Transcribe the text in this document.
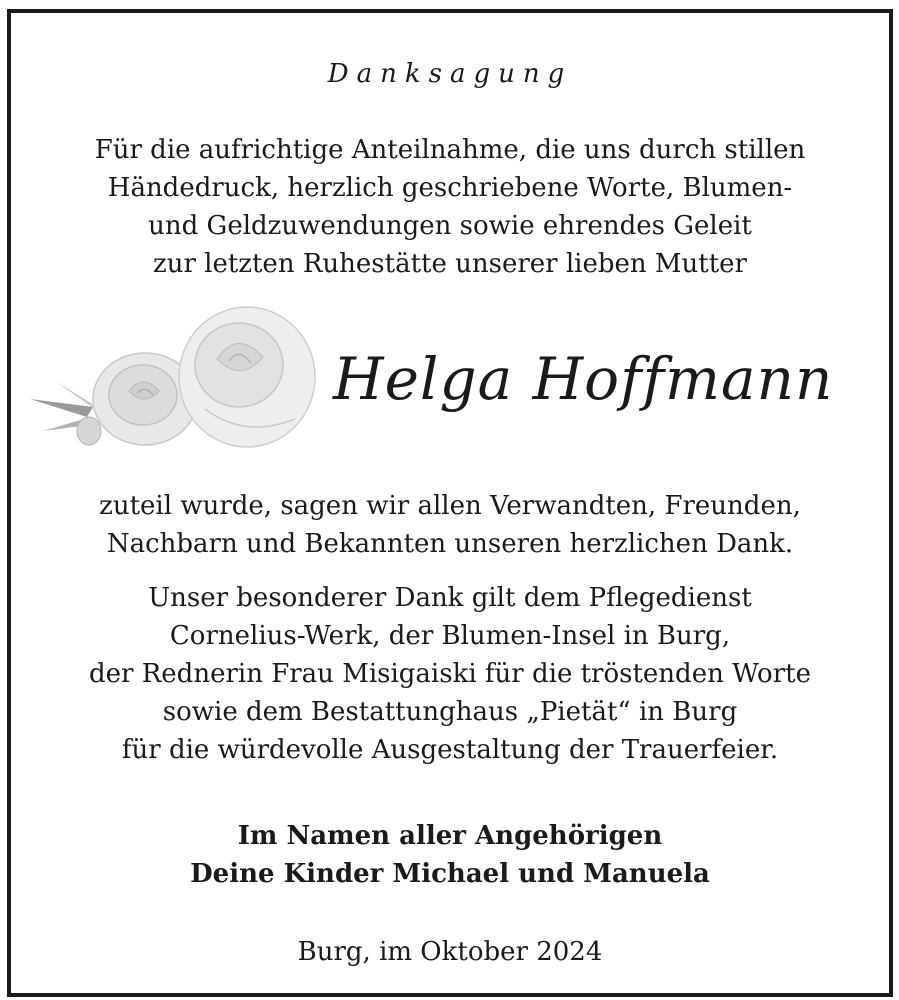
Danksagung
Für die aufrichtige Anteilnahme, die uns durch stillen
Händedruck, herzlich geschriebene Worte, Blumen-
und Geldzuwendungen sowie ehrendes Geleit
zur letzten Ruhestätte unserer lieben Mutter
Helga Hoffmann
zuteil wurde, sagen wir allen Verwandten, Freunden,
Nachbarn und Bekannten unseren herzlichen Dank.
Unser besonderer Dank gilt dem Pflegedienst
Cornelius-Werk, der Blumen-Insel in Burg,
der Rednerin Frau Misigaiski für die tröstenden Worte
sowie dem Bestattunghaus „Pietät“ in Burg
für die würdevolle Ausgestaltung der Trauerfeier.
Im Namen aller Angehörigen
Deine Kinder Michael und Manuela
Burg, im Oktober 2024
